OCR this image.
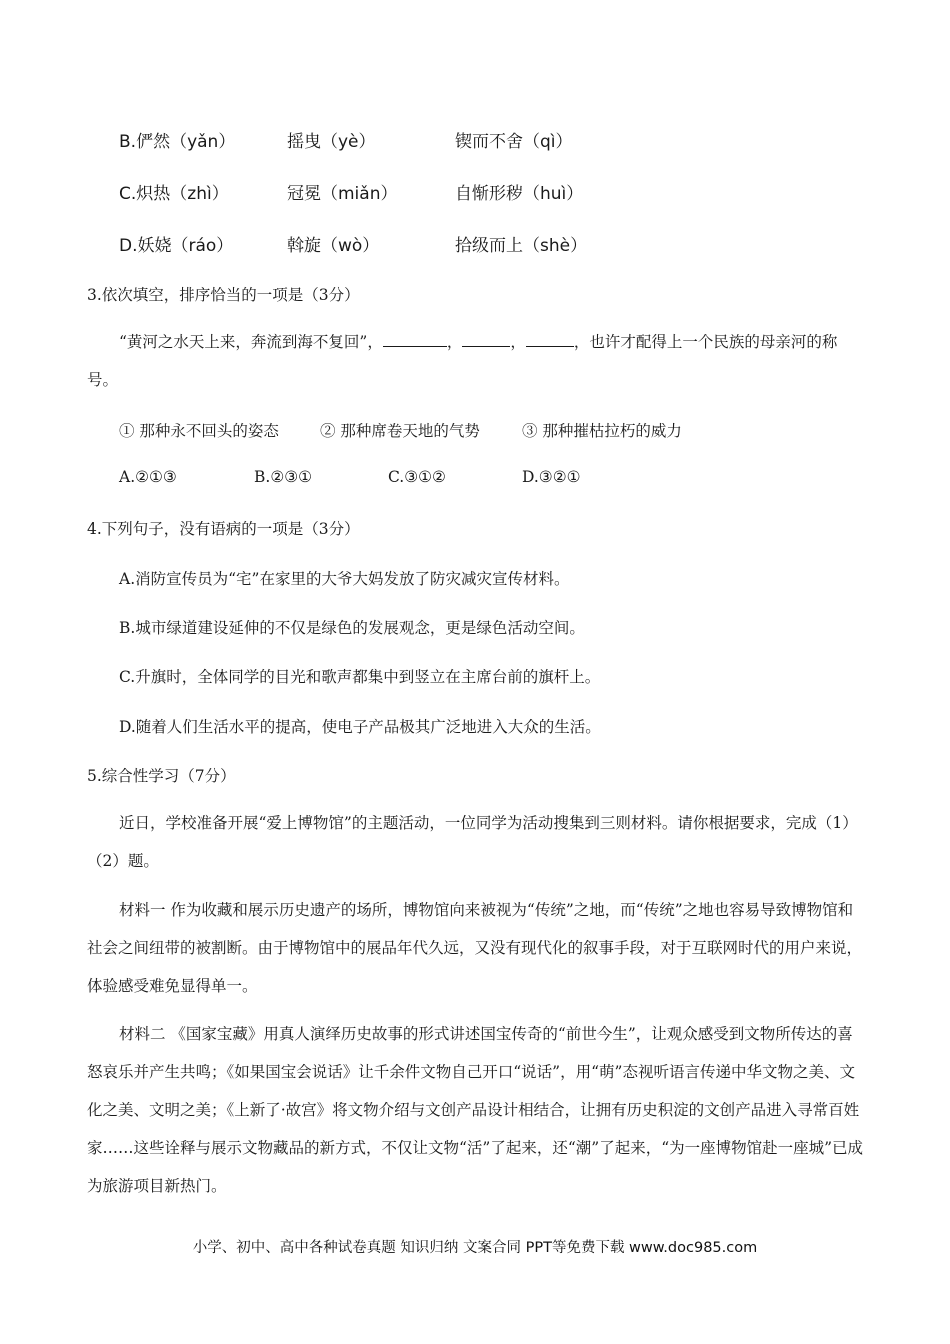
B.俨然（yǎn）	摇曳（yè）	锲而不舍（qì）
C.炽热（zhì）	冠冕（miǎn）	自惭形秽（huì）
D.妖娆（ráo）	斡旋（wò）	拾级而上（shè）
3.依次填空，排序恰当的一项是（3分）
“黄河之水天上来，奔流到海不复回”，	，	，	，也许才配得上一个民族的母亲河的称号。
① 那种永不回头的姿态	② 那种席卷天地的气势	③ 那种摧枯拉朽的威力
A.②①③	B.②③①	C.③①②	D.③②①
4.下列句子，没有语病的一项是（3分）
A.消防宣传员为“宅”在家里的大爷大妈发放了防灾减灾宣传材料。
B.城市绿道建设延伸的不仅是绿色的发展观念，更是绿色活动空间。
C.升旗时，全体同学的目光和歌声都集中到竖立在主席台前的旗杆上。
D.随着人们生活水平的提高，使电子产品极其广泛地进入大众的生活。
5.综合性学习（7分）
近日，学校准备开展“爱上博物馆”的主题活动，一位同学为活动搜集到三则材料。请你根据要求，完成（1）（2）题。
材料一 作为收藏和展示历史遗产的场所，博物馆向来被视为“传统”之地，而“传统”之地也容易导致博物馆和社会之间纽带的被割断。由于博物馆中的展品年代久远，又没有现代化的叙事手段，对于互联网时代的用户来说，体验感受难免显得单一。
材料二 《国家宝藏》用真人演绎历史故事的形式讲述国宝传奇的“前世今生”，让观众感受到文物所传达的喜怒哀乐并产生共鸣；《如果国宝会说话》让千余件文物自己开口“说话”，用“萌”态视听语言传递中华文物之美、文化之美、文明之美；《上新了·故宫》将文物介绍与文创产品设计相结合，让拥有历史积淀的文创产品进入寻常百姓家……这些诠释与展示文物藏品的新方式，不仅让文物“活”了起来，还“潮”了起来，“为一座博物馆赴一座城”已成为旅游项目新热门。
小学、初中、高中各种试卷真题 知识归纳 文案合同 PPT等免费下载 www.doc985.com
